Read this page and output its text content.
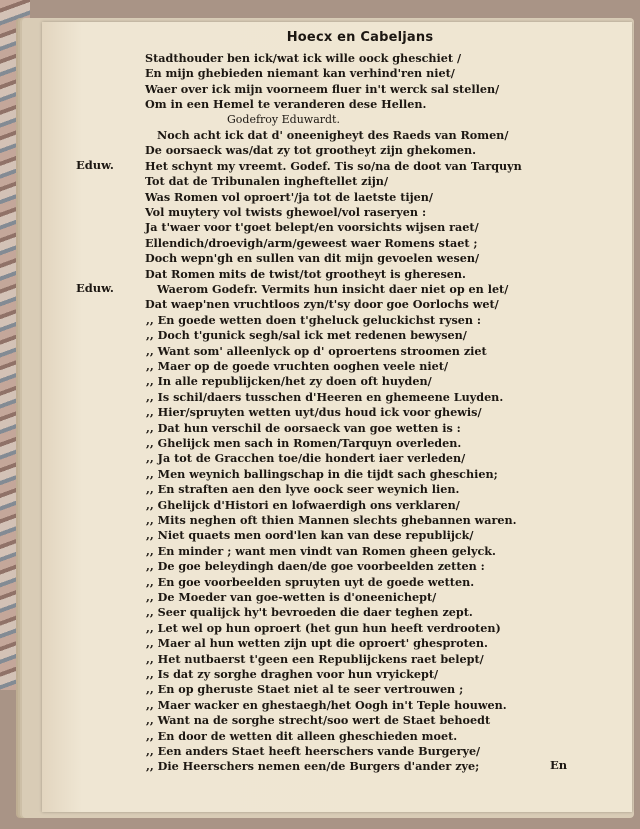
Hoecx en Cabeljans
Stadthouder ben ick/wat ick wille oock gheschiet /
En mijn ghebieden niemant kan verhind'ren niet/
Waer over ick mijn voorneem fluer in't werck sal stellen/
Om in een Hemel te veranderen dese Hellen.
Godefroy Eduwardt.
Noch acht ick dat d' oneenigheyt des Raeds van Romen/
De oorsaeck was/dat zy tot grootheyt zijn ghekomen.
Het schynt my vreemt. Godef. Tis so/na de doot van Tarquyn
Eduw.
Tot dat de Tribunalen ingheftellet zijn/
Was Romen vol oproert'/ja tot de laetste tijen/
Vol muytery vol twists ghewoel/vol raseryen :
Ja t'waer voor t'goet belept/en voorsichts wijsen raet/
Ellendich/droevigh/arm/geweest waer Romens staet ;
Doch wepn'gh en sullen van dit mijn gevoelen wesen/
Dat Romen mits de twist/tot grootheyt is gheresen.
Waerom Godefr. Vermits hun insicht daer niet op en let/
Eduw.
Dat waep'nen vruchtloos zyn/t'sy door goe Oorlochs wet/
,, En goede wetten doen t'gheluck geluckichst rysen :
,, Doch t'gunick segh/sal ick met redenen bewysen/
,, Want som' alleenlyck op d' oproertens stroomen ziet
,, Maer op de goede vruchten ooghen veele niet/
,, In alle republijcken/het zy doen oft huyden/
,, Is schil/daers tusschen d'Heeren en ghemeene Luyden.
,, Hier/spruyten wetten uyt/dus houd ick voor ghewis/
,, Dat hun verschil de oorsaeck van goe wetten is :
,, Ghelijck men sach in Romen/Tarquyn overleden.
,, Ja tot de Gracchen toe/die hondert iaer verleden/
,, Men weynich ballingschap in die tijdt sach gheschien;
,, En straften aen den lyve oock seer weynich lien.
,, Ghelijck d'Histori en lofwaerdigh ons verklaren/
,, Mits neghen oft thien Mannen slechts ghebannen waren.
,, Niet quaets men oord'len kan van dese republijck/
,, En minder ; want men vindt van Romen gheen gelyck.
,, De goe beleydingh daen/de goe voorbeelden zetten :
,, En goe voorbeelden spruyten uyt de goede wetten.
,, De Moeder van goe-wetten is d'oneenichept/
,, Seer qualijck hy't bevroeden die daer teghen zept.
,, Let wel op hun oproert (het gun hun heeft verdrooten)
,, Maer al hun wetten zijn upt die oproert' ghesproten.
,, Het nutbaerst t'geen een Republijckens raet belept/
,, Is dat zy sorghe draghen voor hun vryickept/
,, En op gheruste Staet niet al te seer vertrouwen ;
,, Maer wacker en ghestaegh/het Oogh in't Teple houwen.
,, Want na de sorghe strecht/soo wert de Staet behoedt
,, En door de wetten dit alleen gheschieden moet.
,, Een anders Staet heeft heerschers vande Burgerye/
,, Die Heerschers nemen een/de Burgers d'ander zye;	En
